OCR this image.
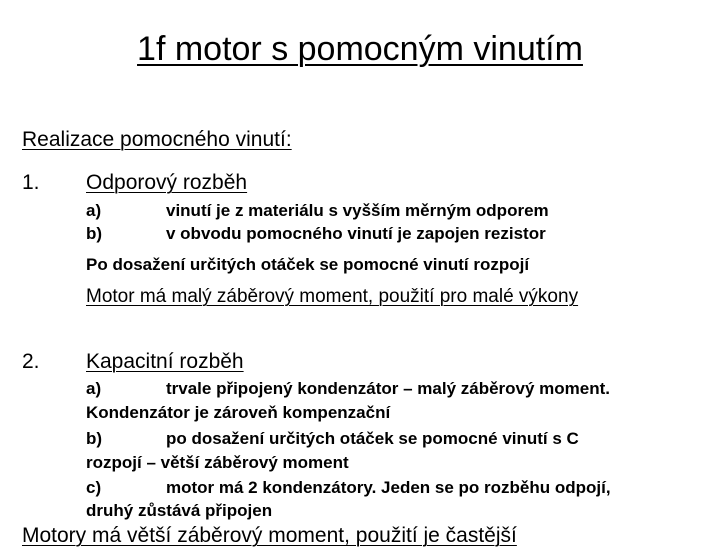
1f motor s pomocným vinutím
Realizace pomocného vinutí:
1. Odporový rozběh
a)	vinutí je z materiálu s vyšším měrným odporem
b)	v obvodu pomocného vinutí je zapojen rezistor
Po dosažení určitých otáček se pomocné vinutí rozpojí
Motor má malý záběrový moment, použití pro malé výkony
2. Kapacitní rozběh
a)	trvale připojený kondenzátor – malý záběrový moment.
Kondenzátor je zároveň kompenzační
b)	po dosažení určitých otáček se pomocné vinutí s C
rozpojí – větší záběrový moment
c)	motor má 2 kondenzátory. Jeden se po rozběhu odpojí,
druhý zůstává připojen
Motory má větší záběrový moment, použití je častější
